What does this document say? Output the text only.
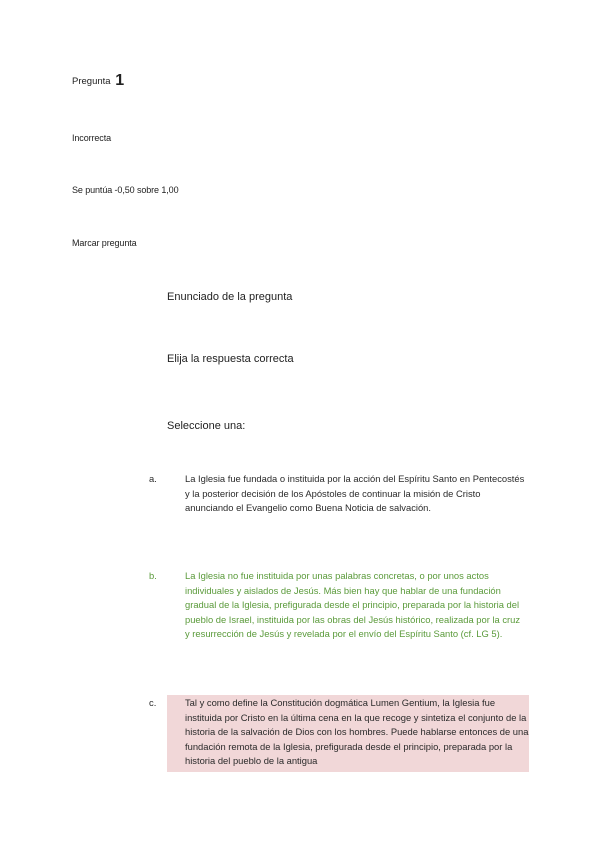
Pregunta 1
Incorrecta
Se puntúa -0,50 sobre 1,00
Marcar pregunta
Enunciado de la pregunta
Elija la respuesta correcta
Seleccione una:
a.	La Iglesia fue fundada o instituida por la acción del Espíritu Santo en Pentecostés y la posterior decisión de los Apóstoles de continuar la misión de Cristo anunciando el Evangelio como Buena Noticia de salvación.
b.	La Iglesia no fue instituida por unas palabras concretas, o por unos actos individuales y aislados de Jesús. Más bien hay que hablar de una fundación gradual de la Iglesia, prefigurada desde el principio, preparada por la historia del pueblo de Israel, instituida por las obras del Jesús histórico, realizada por la cruz y resurrección de Jesús y revelada por el envío del Espíritu Santo (cf. LG 5).
c.	Tal y como define la Constitución dogmática Lumen Gentium, la Iglesia fue instituida por Cristo en la última cena en la que recoge y sintetiza el conjunto de la historia de la salvación de Dios con los hombres. Puede hablarse entonces de una fundación remota de la Iglesia, prefigurada desde el principio, preparada por la historia del pueblo de la antigua
